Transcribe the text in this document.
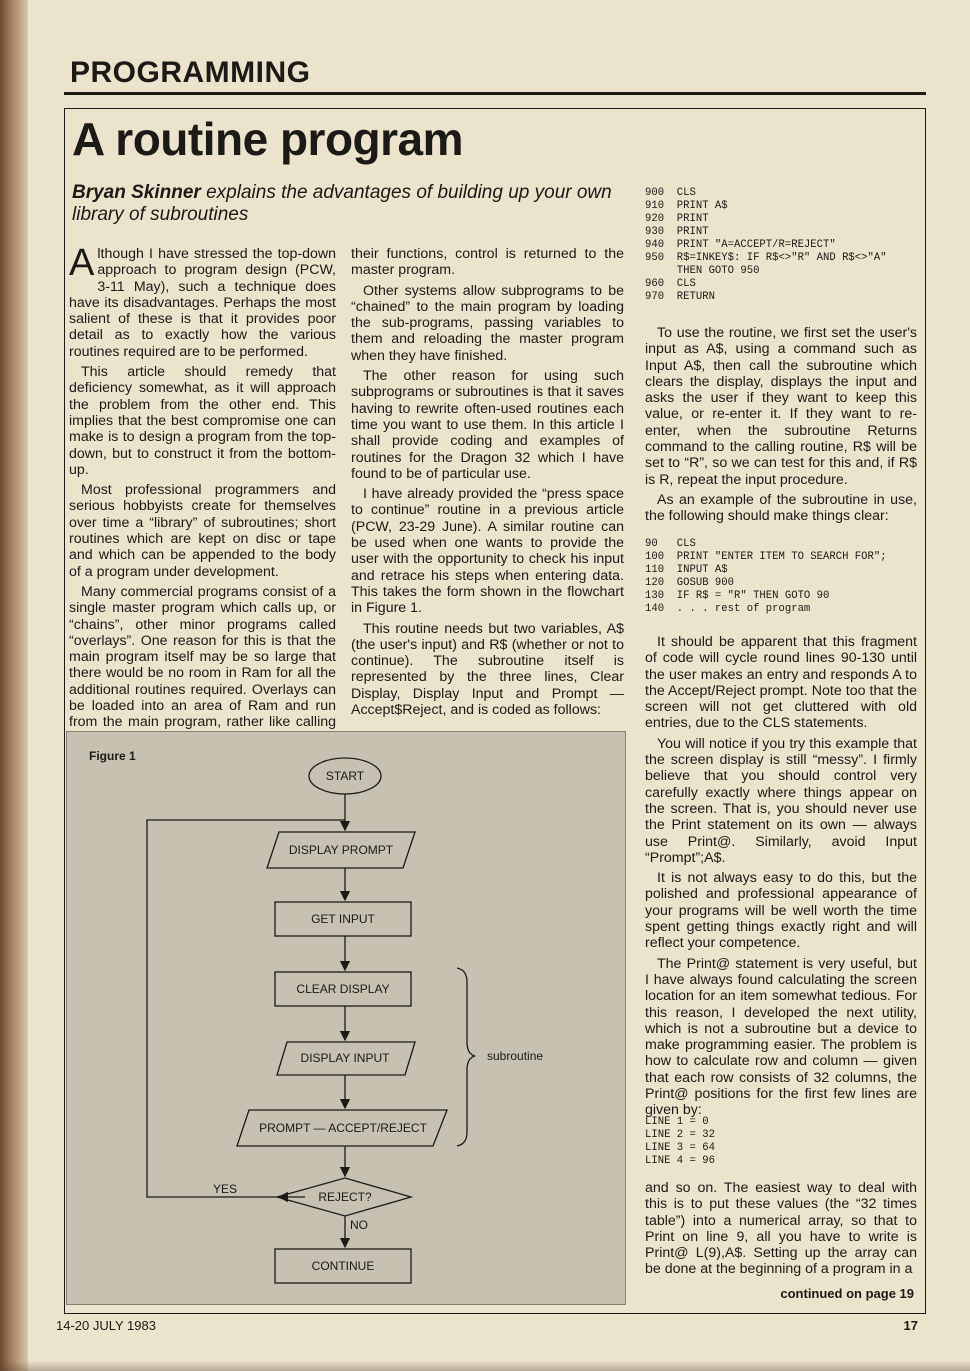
PROGRAMMING
A routine program
Bryan Skinner explains the advantages of building up your own library of subroutines

Although I have stressed the top-down approach to program design (PCW, 3-11 May), such a technique does have its disadvantages. Perhaps the most salient of these is that it provides poor detail as to exactly how the various routines required are to be performed.

This article should remedy that deficiency somewhat, as it will approach the problem from the other end. This implies that the best compromise one can make is to design a program from the top-down, but to construct it from the bottom-up.

Most professional programmers and serious hobbyists create for themselves over time a “library” of subroutines; short routines which are kept on disc or tape and which can be appended to the body of a program under development.

Many commercial programs consist of a single master program which calls up, or “chains”, other minor programs called “overlays”. One reason for this is that the main program itself may be so large that there would be no room in Ram for all the additional routines required. Overlays can be loaded into an area of Ram and run from the main program, rather like calling

their functions, control is returned to the master program.

Other systems allow subprograms to be “chained” to the main program by loading the sub-programs, passing variables to them and reloading the master program when they have finished.

The other reason for using such subprograms or subroutines is that it saves having to rewrite often-used routines each time you want to use them. In this article I shall provide coding and examples of routines for the Dragon 32 which I have found to be of particular use.

I have already provided the “press space to continue” routine in a previous article (PCW, 23-29 June). A similar routine can be used when one wants to provide the user with the opportunity to check his input and retrace his steps when entering data. This takes the form shown in the flowchart in Figure 1.

This routine needs but two variables, A$ (the user's input) and R$ (whether or not to continue). The subroutine itself is represented by the three lines, Clear Display, Display Input and Prompt — Accept$Reject, and is coded as follows:

900  CLS
910  PRINT A$
920  PRINT
930  PRINT
940  PRINT "A=ACCEPT/R=REJECT"
950  R$=INKEY$: IF R$<>"R" AND R$<>"A"
THEN GOTO 950
960  CLS
970  RETURN

To use the routine, we first set the user's input as A$, using a command such as Input A$, then call the subroutine which clears the display, displays the input and asks the user if they want to keep this value, or re-enter it. If they want to re-enter, when the subroutine Returns command to the calling routine, R$ will be set to “R”, so we can test for this and, if R$ is R, repeat the input procedure.

As an example of the subroutine in use, the following should make things clear:

90   CLS
100  PRINT "ENTER ITEM TO SEARCH FOR";
110  INPUT A$
120  GOSUB 900
130  IF R$ = "R" THEN GOTO 90
140  . . . rest of program

It should be apparent that this fragment of code will cycle round lines 90-130 until the user makes an entry and responds A to the Accept/Reject prompt. Note too that the screen will not get cluttered with old entries, due to the CLS statements.

You will notice if you try this example that the screen display is still “messy”. I firmly believe that you should control very carefully exactly where things appear on the screen. That is, you should never use the Print statement on its own — always use Print@. Similarly, avoid Input “Prompt”;A$.

It is not always easy to do this, but the polished and professional appearance of your programs will be well worth the time spent getting things exactly right and will reflect your competence.

The Print@ statement is very useful, but I have always found calculating the screen location for an item somewhat tedious. For this reason, I developed the next utility, which is not a subroutine but a device to make programming easier. The problem is how to calculate row and column — given that each row consists of 32 columns, the Print@ positions for the first few lines are given by:

LINE 1 = 0
LINE 2 = 32
LINE 3 = 64
LINE 4 = 96

and so on. The easiest way to deal with this is to put these values (the “32 times table”) into a numerical array, so that to Print on line 9, all you have to write is Print@ L(9),A$. Setting up the array can be done at the beginning of a program in a

continued on page 19
Figure 1
START
DISPLAY PROMPT
GET INPUT
CLEAR DISPLAY
DISPLAY INPUT
PROMPT — ACCEPT/REJECT
REJECT?
YES
NO
CONTINUE
subroutine
14-20 JULY 1983	17
